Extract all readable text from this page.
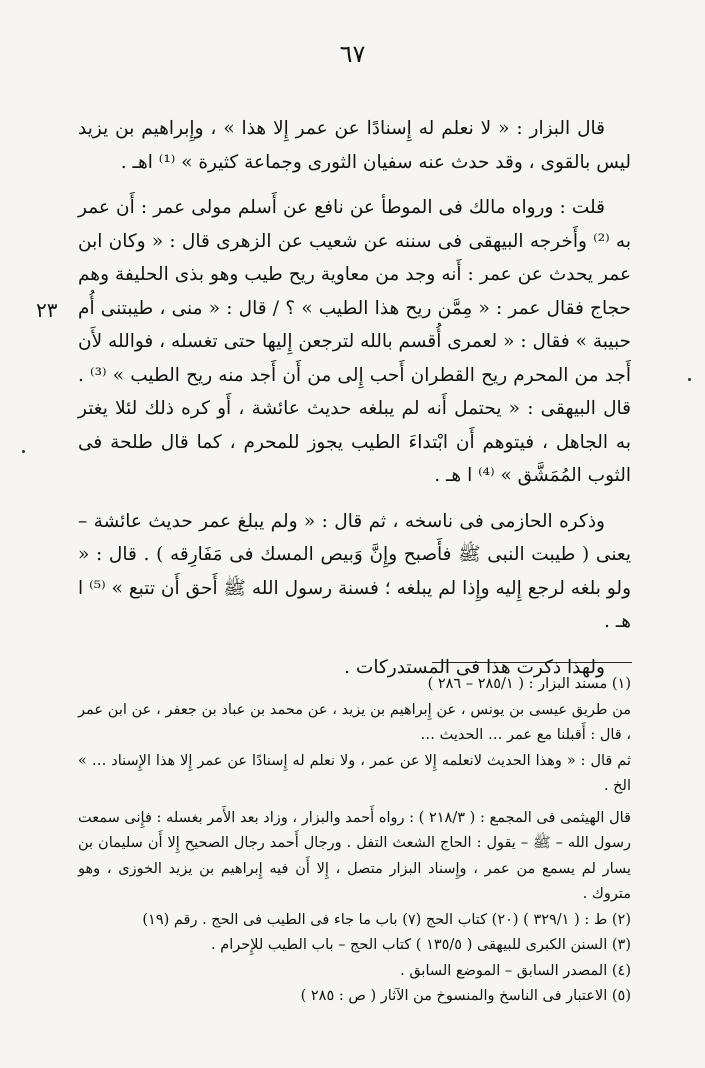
٦٧

قال البزار : « لا نعلم له إِسنادًا عن عمر إِلا هذا » ، وإِبراهيم بن يزيد ليس بالقوى ، وقد حدث عنه سفيان الثورى وجماعة كثيرة » ⁽¹⁾ اهـ .

قلت : ورواه مالك فى الموطأ عن نافع عن أَسلم مولى عمر : أَن عمر به ⁽²⁾ وأَخرجه البيهقى فى سننه عن شعيب عن الزهرى قال : « وكان ابن عمر يحدث عن عمر : أَنه وجد من معاوية ريح طيب وهو بذى الحليفة وهم حجاج فقال عمر : « مِمَّن ريح هذا الطيب » ؟ / قال : « منى ، طيبتنى أُم حبيبة » فقال : « لعمرى أُقسم بالله لترجعن إِليها حتى تغسله ، فوالله لأَن أَجد من المحرم ريح القطران أَحب إِلى من أَن أَجد منه ريح الطيب » ⁽³⁾ . قال البيهقى : « يحتمل أَنه لم يبلغه حديث عائشة ، أَو كره ذلك لئلا يغتر به الجاهل ، فيتوهم أَن ابْتداءَ الطيب يجوز للمحرم ، كما قال طلحة فى الثوب المُمَشَّق » ⁽⁴⁾ ا هـ .

وذكره الحازمى فى ناسخه ، ثم قال : « ولم يبلغ عمر حديث عائشة – يعنى ( طيبت النبى ﷺ فأَصبح وإِنَّ وَبيص المسك فى مَفَارِقه ) . قال : « ولو بلغه لرجع إِليه وإِذا لم يبلغه ؛ فسنة رسول الله ﷺ أَحق أَن تتبع » ⁽⁵⁾ ا هـ .

ولهذا ذكرت هذا فى المستدركات .

٢٣

(١) مسند البزار : ( ٢٨٥/١ – ٢٨٦ )

من طريق عيسى بن يونس ، عن إِبراهيم بن يزيد ، عن محمد بن عباد بن جعفر ، عن ابن عمر ، قال : أَقبلنا مع عمر … الحديث …

ثم قال : « وهذا الحديث لانعلمه إِلا عن عمر ، ولا نعلم له إِسنادًا عن عمر إِلا هذا الإِسناد … » الخ .

قال الهيثمى فى المجمع : ( ٢١٨/٣ ) : رواه أَحمد والبزار ، وزاد بعد الأَمر بغسله : فإِنى سمعت رسول الله – ﷺ – يقول : الحاج الشعث التفل . ورجال أَحمد رجال الصحيح إِلا أَن سليمان بن يسار لم يسمع من عمر ، وإِسناد البزار متصل ، إِلا أَن فيه إِبراهيم بن يزيد الخوزى ، وهو متروك .

(٢) ط : ( ٣٢٩/١ ) (٢٠) كتاب الحج (٧) باب ما جاء فى الطيب فى الحج . رقم (١٩)

(٣) السنن الكبرى للبيهقى ( ١٣٥/٥ ) كتاب الحج – باب الطيب للإِحرام .

(٤) المصدر السابق – الموضع السابق .

(٥) الاعتبار فى الناسخ والمنسوخ من الآثار ( ص : ٢٨٥ )
